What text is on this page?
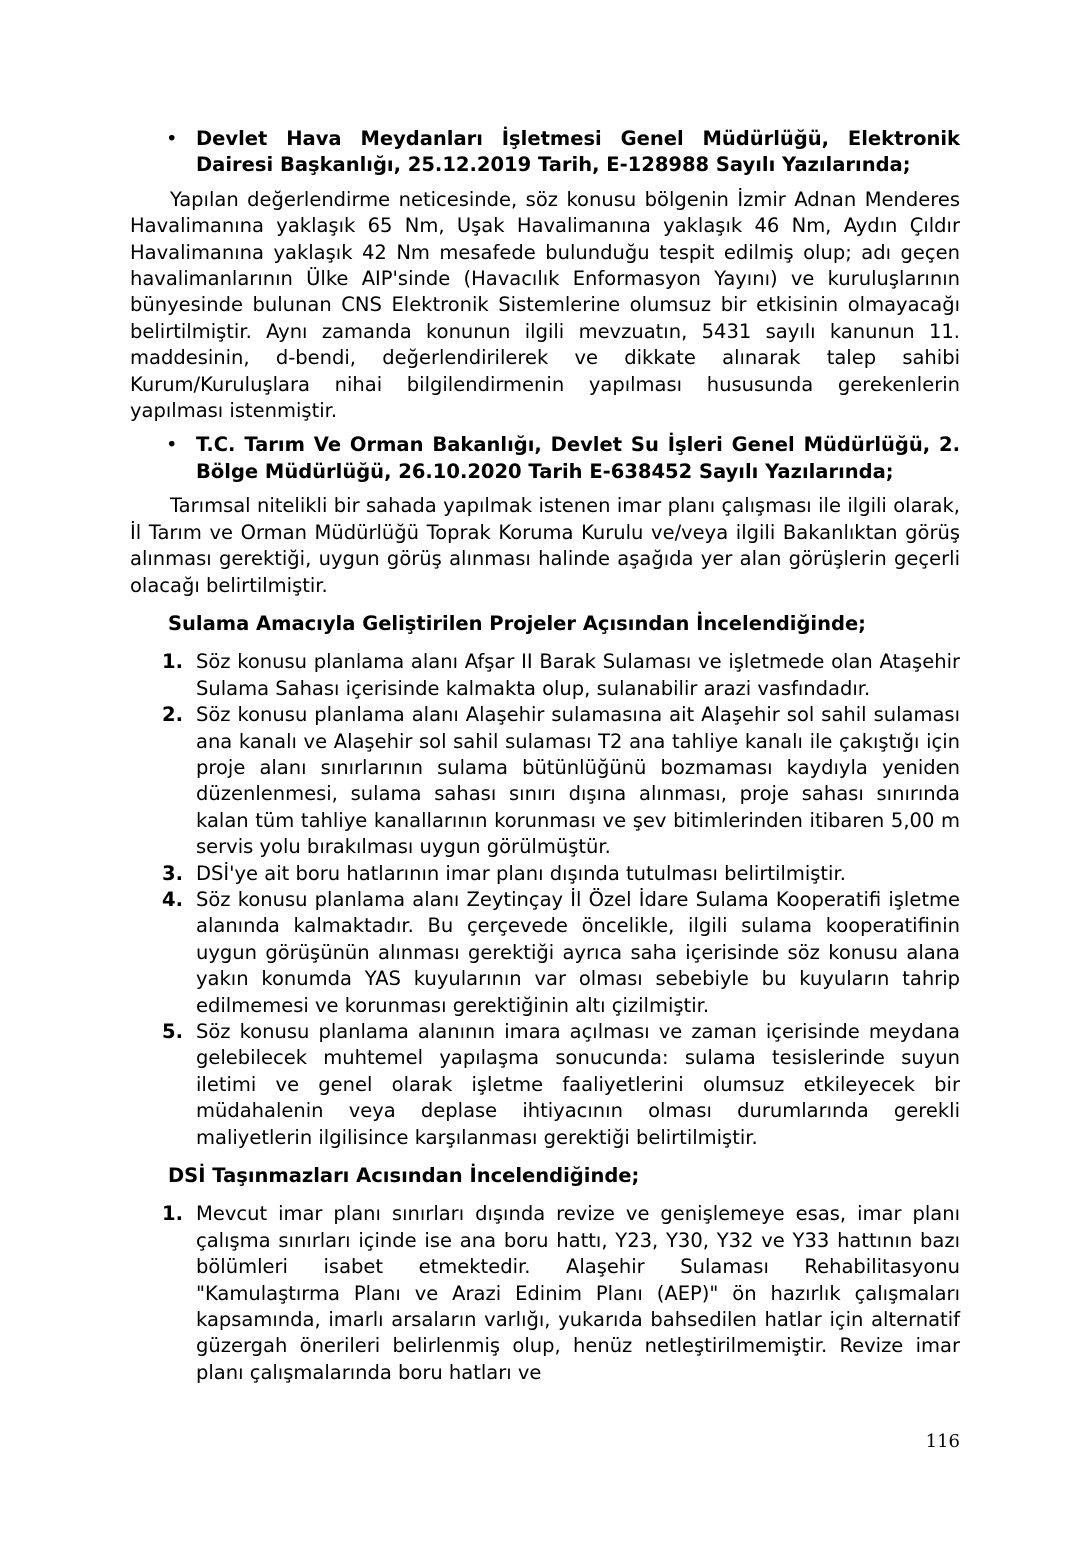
• Devlet Hava Meydanları İşletmesi Genel Müdürlüğü, Elektronik Dairesi Başkanlığı, 25.12.2019 Tarih, E-128988 Sayılı Yazılarında;

Yapılan değerlendirme neticesinde, söz konusu bölgenin İzmir Adnan Menderes Havalimanına yaklaşık 65 Nm, Uşak Havalimanına yaklaşık 46 Nm, Aydın Çıldır Havalimanına yaklaşık 42 Nm mesafede bulunduğu tespit edilmiş olup; adı geçen havalimanlarının Ülke AIP'sinde (Havacılık Enformasyon Yayını) ve kuruluşlarının bünyesinde bulunan CNS Elektronik Sistemlerine olumsuz bir etkisinin olmayacağı belirtilmiştir. Aynı zamanda konunun ilgili mevzuatın, 5431 sayılı kanunun 11. maddesinin, d-bendi, değerlendirilerek ve dikkate alınarak talep sahibi Kurum/Kuruluşlara nihai bilgilendirmenin yapılması hususunda gerekenlerin yapılması istenmiştir.

• T.C. Tarım Ve Orman Bakanlığı, Devlet Su İşleri Genel Müdürlüğü, 2. Bölge Müdürlüğü, 26.10.2020 Tarih E-638452 Sayılı Yazılarında;

Tarımsal nitelikli bir sahada yapılmak istenen imar planı çalışması ile ilgili olarak, İl Tarım ve Orman Müdürlüğü Toprak Koruma Kurulu ve/veya ilgili Bakanlıktan görüş alınması gerektiği, uygun görüş alınması halinde aşağıda yer alan görüşlerin geçerli olacağı belirtilmiştir.

Sulama Amacıyla Geliştirilen Projeler Açısından İncelendiğinde;
1. Söz konusu planlama alanı Afşar II Barak Sulaması ve işletmede olan Ataşehir Sulama Sahası içerisinde kalmakta olup, sulanabilir arazi vasfındadır.
2. Söz konusu planlama alanı Alaşehir sulamasına ait Alaşehir sol sahil sulaması ana kanalı ve Alaşehir sol sahil sulaması T2 ana tahliye kanalı ile çakıştığı için proje alanı sınırlarının sulama bütünlüğünü bozmaması kaydıyla yeniden düzenlenmesi, sulama sahası sınırı dışına alınması, proje sahası sınırında kalan tüm tahliye kanallarının korunması ve şev bitimlerinden itibaren 5,00 m servis yolu bırakılması uygun görülmüştür.
3. DSİ'ye ait boru hatlarının imar planı dışında tutulması belirtilmiştir.
4. Söz konusu planlama alanı Zeytinçay İl Özel İdare Sulama Kooperatifi işletme alanında kalmaktadır. Bu çerçevede öncelikle, ilgili sulama kooperatifinin uygun görüşünün alınması gerektiği ayrıca saha içerisinde söz konusu alana yakın konumda YAS kuyularının var olması sebebiyle bu kuyuların tahrip edilmemesi ve korunması gerektiğinin altı çizilmiştir.
5. Söz konusu planlama alanının imara açılması ve zaman içerisinde meydana gelebilecek muhtemel yapılaşma sonucunda: sulama tesislerinde suyun iletimi ve genel olarak işletme faaliyetlerini olumsuz etkileyecek bir müdahalenin veya deplase ihtiyacının olması durumlarında gerekli maliyetlerin ilgilisince karşılanması gerektiği belirtilmiştir.
DSİ Taşınmazları Acısından İncelendiğinde;
1. Mevcut imar planı sınırları dışında revize ve genişlemeye esas, imar planı çalışma sınırları içinde ise ana boru hattı, Y23, Y30, Y32 ve Y33 hattının bazı bölümleri isabet etmektedir. Alaşehir Sulaması Rehabilitasyonu "Kamulaştırma Planı ve Arazi Edinim Planı (AEP)" ön hazırlık çalışmaları kapsamında, imarlı arsaların varlığı, yukarıda bahsedilen hatlar için alternatif güzergah önerileri belirlenmiş olup, henüz netleştirilmemiştir. Revize imar planı çalışmalarında boru hatları ve
116
